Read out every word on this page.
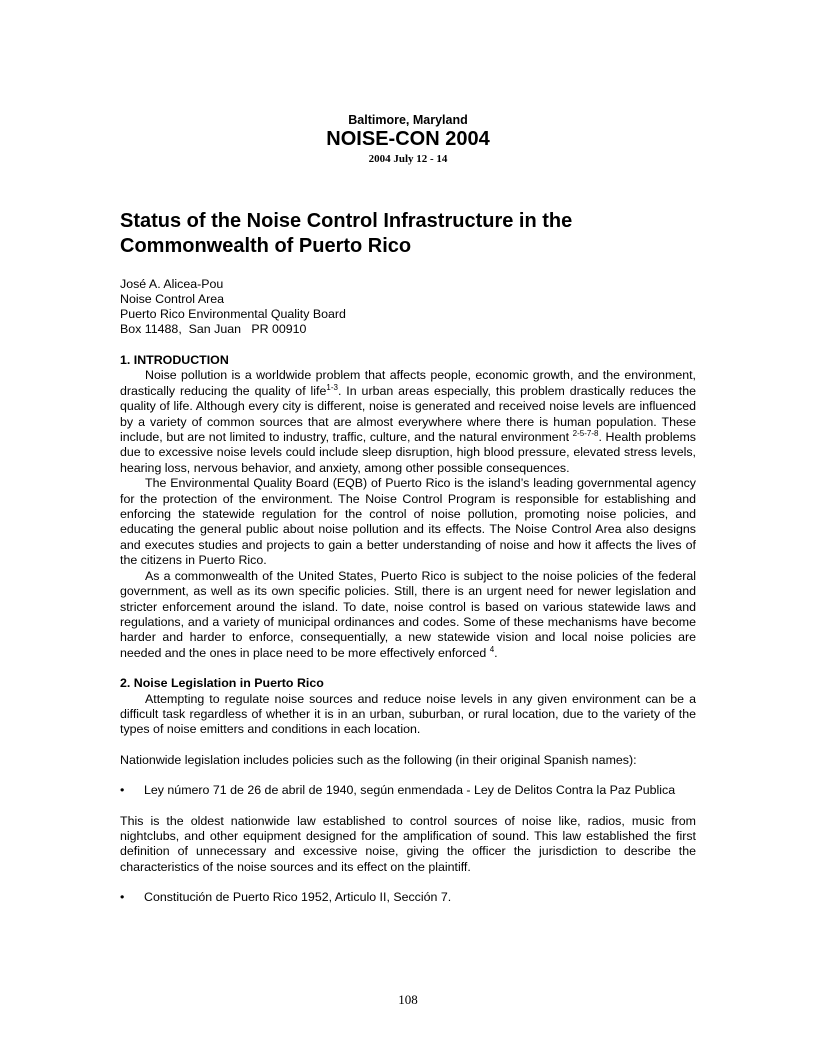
Baltimore, Maryland
NOISE-CON 2004
2004 July 12 - 14
Status of the Noise Control Infrastructure in the Commonwealth of Puerto Rico
José A. Alicea-Pou
Noise Control Area
Puerto Rico Environmental Quality Board
Box 11488,  San Juan   PR 00910

1. INTRODUCTION

Noise pollution is a worldwide problem that affects people, economic growth, and the environment, drastically reducing the quality of life$^{1-3}$. In urban areas especially, this problem drastically reduces the quality of life. Although every city is different, noise is generated and received noise levels are influenced by a variety of common sources that are almost everywhere where there is human population. These include, but are not limited to industry, traffic, culture, and the natural environment $^{2-5-7-8}$. Health problems due to excessive noise levels could include sleep disruption, high blood pressure, elevated stress levels, hearing loss, nervous behavior, and anxiety, among other possible consequences.

The Environmental Quality Board (EQB) of Puerto Rico is the island’s leading governmental agency for the protection of the environment. The Noise Control Program is responsible for establishing and enforcing the statewide regulation for the control of noise pollution, promoting noise policies, and educating the general public about noise pollution and its effects. The Noise Control Area also designs and executes studies and projects to gain a better understanding of noise and how it affects the lives of the citizens in Puerto Rico.

As a commonwealth of the United States, Puerto Rico is subject to the noise policies of the federal government, as well as its own specific policies. Still, there is an urgent need for newer legislation and stricter enforcement around the island. To date, noise control is based on various statewide laws and regulations, and a variety of municipal ordinances and codes. Some of these mechanisms have become harder and harder to enforce, consequentially, a new statewide vision and local noise policies are needed and the ones in place need to be more effectively enforced $^4$.

2. Noise Legislation in Puerto Rico

Attempting to regulate noise sources and reduce noise levels in any given environment can be a difficult task regardless of whether it is in an urban, suburban, or rural location, due to the variety of the types of noise emitters and conditions in each location.

Nationwide legislation includes policies such as the following (in their original Spanish names):

•	Ley número 71 de 26 de abril de 1940, según enmendada - Ley de Delitos Contra la Paz Publica

This is the oldest nationwide law established to control sources of noise like, radios, music from nightclubs, and other equipment designed for the amplification of sound. This law established the first definition of unnecessary and excessive noise, giving the officer the jurisdiction to describe the characteristics of the noise sources and its effect on the plaintiff.

•	Constitución de Puerto Rico 1952, Articulo II, Sección 7.
108
